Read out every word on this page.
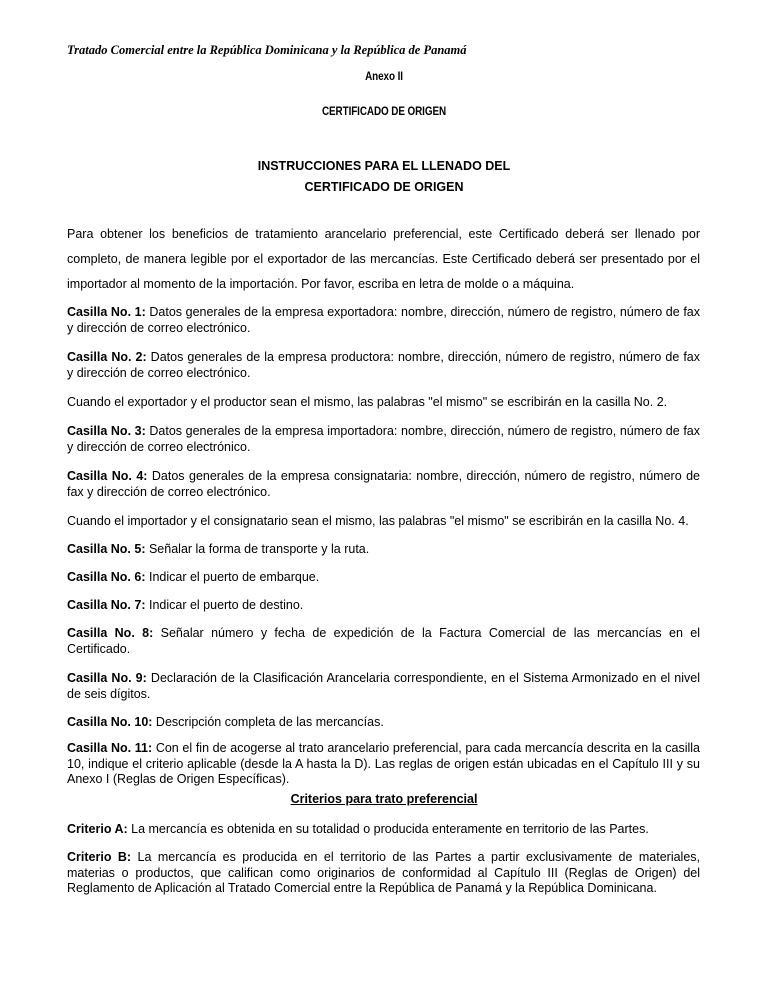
Tratado Comercial entre la República Dominicana y la República de Panamá
Anexo II
CERTIFICADO DE ORIGEN
INSTRUCCIONES PARA EL LLENADO DEL
CERTIFICADO DE ORIGEN
Para obtener los beneficios de tratamiento arancelario preferencial, este Certificado deberá ser llenado por completo, de manera legible por el exportador de las mercancías. Este Certificado deberá ser presentado por el importador al momento de la importación. Por favor, escriba en letra de molde o a máquina.
Casilla No. 1: Datos generales de la empresa exportadora: nombre, dirección, número de registro, número de fax y dirección de correo electrónico.
Casilla No. 2: Datos generales de la empresa productora: nombre, dirección, número de registro, número de fax y dirección de correo electrónico.
Cuando el exportador y el productor sean el mismo, las palabras "el mismo" se escribirán en la casilla No. 2.
Casilla No. 3: Datos generales de la empresa importadora: nombre, dirección, número de registro, número de fax y dirección de correo electrónico.
Casilla No. 4: Datos generales de la empresa consignataria: nombre, dirección, número de registro, número de fax y dirección de correo electrónico.
Cuando el importador y el consignatario sean el mismo, las palabras "el mismo" se escribirán en la casilla No. 4.
Casilla No. 5: Señalar la forma de transporte y la ruta.
Casilla No. 6: Indicar el puerto de embarque.
Casilla No. 7: Indicar el puerto de destino.
Casilla No. 8: Señalar número y fecha de expedición de la Factura Comercial de las mercancías en el Certificado.
Casilla No. 9: Declaración de la Clasificación Arancelaria correspondiente, en el Sistema Armonizado en el nivel de seis dígitos.
Casilla No. 10: Descripción completa de las mercancías.
Casilla No. 11: Con el fin de acogerse al trato arancelario preferencial, para cada mercancía descrita en la casilla 10, indique el criterio aplicable (desde la A hasta la D). Las reglas de origen están ubicadas en el Capítulo III y su Anexo I (Reglas de Origen Específicas).
Criterios para trato preferencial
Criterio A: La mercancía es obtenida en su totalidad o producida enteramente en territorio de las Partes.
Criterio B: La mercancía es producida en el territorio de las Partes a partir exclusivamente de materiales, materias o productos, que califican como originarios de conformidad al Capítulo III (Reglas de Origen) del Reglamento de Aplicación al Tratado Comercial entre la República de Panamá y la República Dominicana.
